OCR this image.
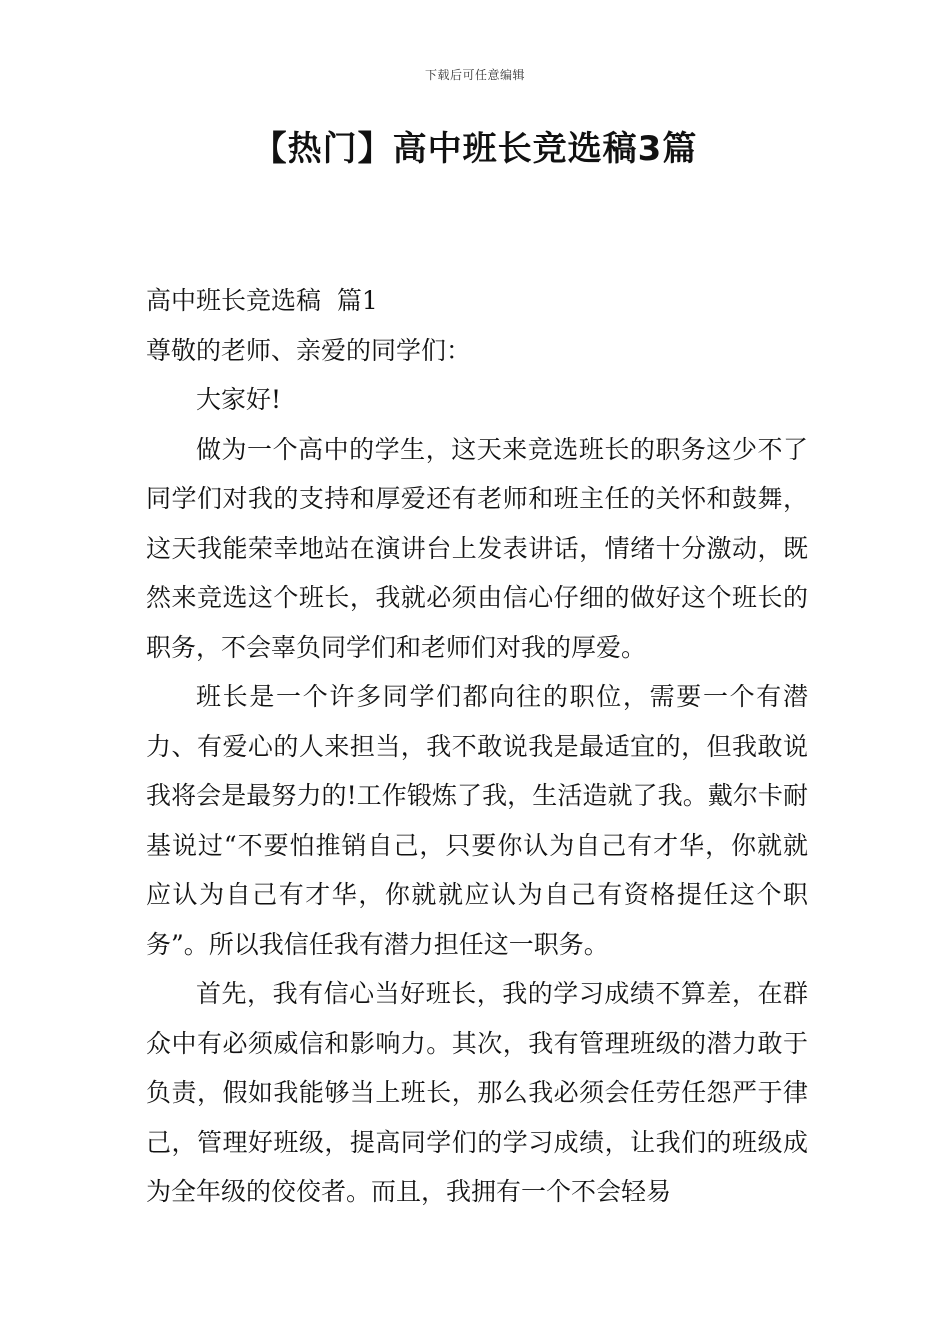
下载后可任意编辑
【热门】高中班长竞选稿3篇

高中班长竞选稿  篇1

尊敬的老师、亲爱的同学们：

大家好!

做为一个高中的学生，这天来竞选班长的职务这少不了同学们对我的支持和厚爱还有老师和班主任的关怀和鼓舞，这天我能荣幸地站在演讲台上发表讲话，情绪十分激动，既然来竞选这个班长，我就必须由信心仔细的做好这个班长的职务，不会辜负同学们和老师们对我的厚爱。

班长是一个许多同学们都向往的职位，需要一个有潜力、有爱心的人来担当，我不敢说我是最适宜的，但我敢说我将会是最努力的!工作锻炼了我，生活造就了我。戴尔卡耐基说过“不要怕推销自己，只要你认为自己有才华，你就就应认为自己有才华，你就就应认为自己有资格提任这个职务”。所以我信任我有潜力担任这一职务。

首先，我有信心当好班长，我的学习成绩不算差，在群众中有必须威信和影响力。其次，我有管理班级的潜力敢于负责，假如我能够当上班长，那么我必须会任劳任怨严于律己，管理好班级，提高同学们的学习成绩，让我们的班级成为全年级的佼佼者。而且，我拥有一个不会轻易
